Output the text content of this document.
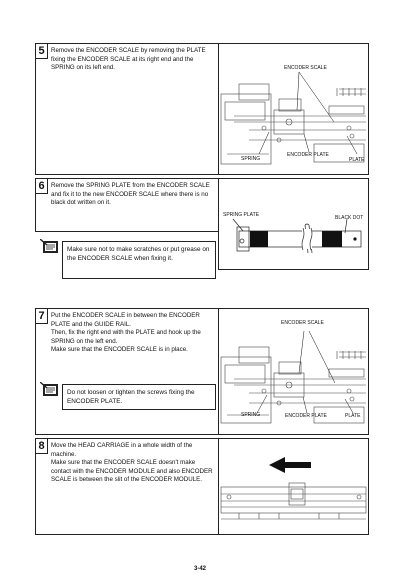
5	Remove the ENCODER SCALE by removing the PLATE fixing the ENCODER SCALE at its right end and the SPRING on its left end.	ENCODER SCALE
SPRING
ENCODER PLATE
PLATE
6	Remove the SPRING PLATE from the ENCODER SCALE and fix it to the new ENCODER SCALE where there is no black dot written on it.
SPRING PLATE	BLACK DOT
Make sure not to make scratches or put grease on the ENCODER SCALE when fixing it.
7	Put the ENCODER SCALE in between the ENCODER PLATE and the GUIDE RAIL.
Then, fix the right end with the PLATE and hook up the SPRING on the left end.
Make sure that the ENCODER SCALE is in place.
ENCODER SCALE
SPRING	ENCODER PLATE	PLATE
Do not loosen or tighten the screws fixing the ENCODER PLATE.
8	Move the HEAD CARRIAGE in a whole width of the machine.
Make sure that the ENCODER SCALE doesn't make contact with the ENCODER MODULE and also ENCODER SCALE is between the slit of the ENCODER MODULE.
3-42
